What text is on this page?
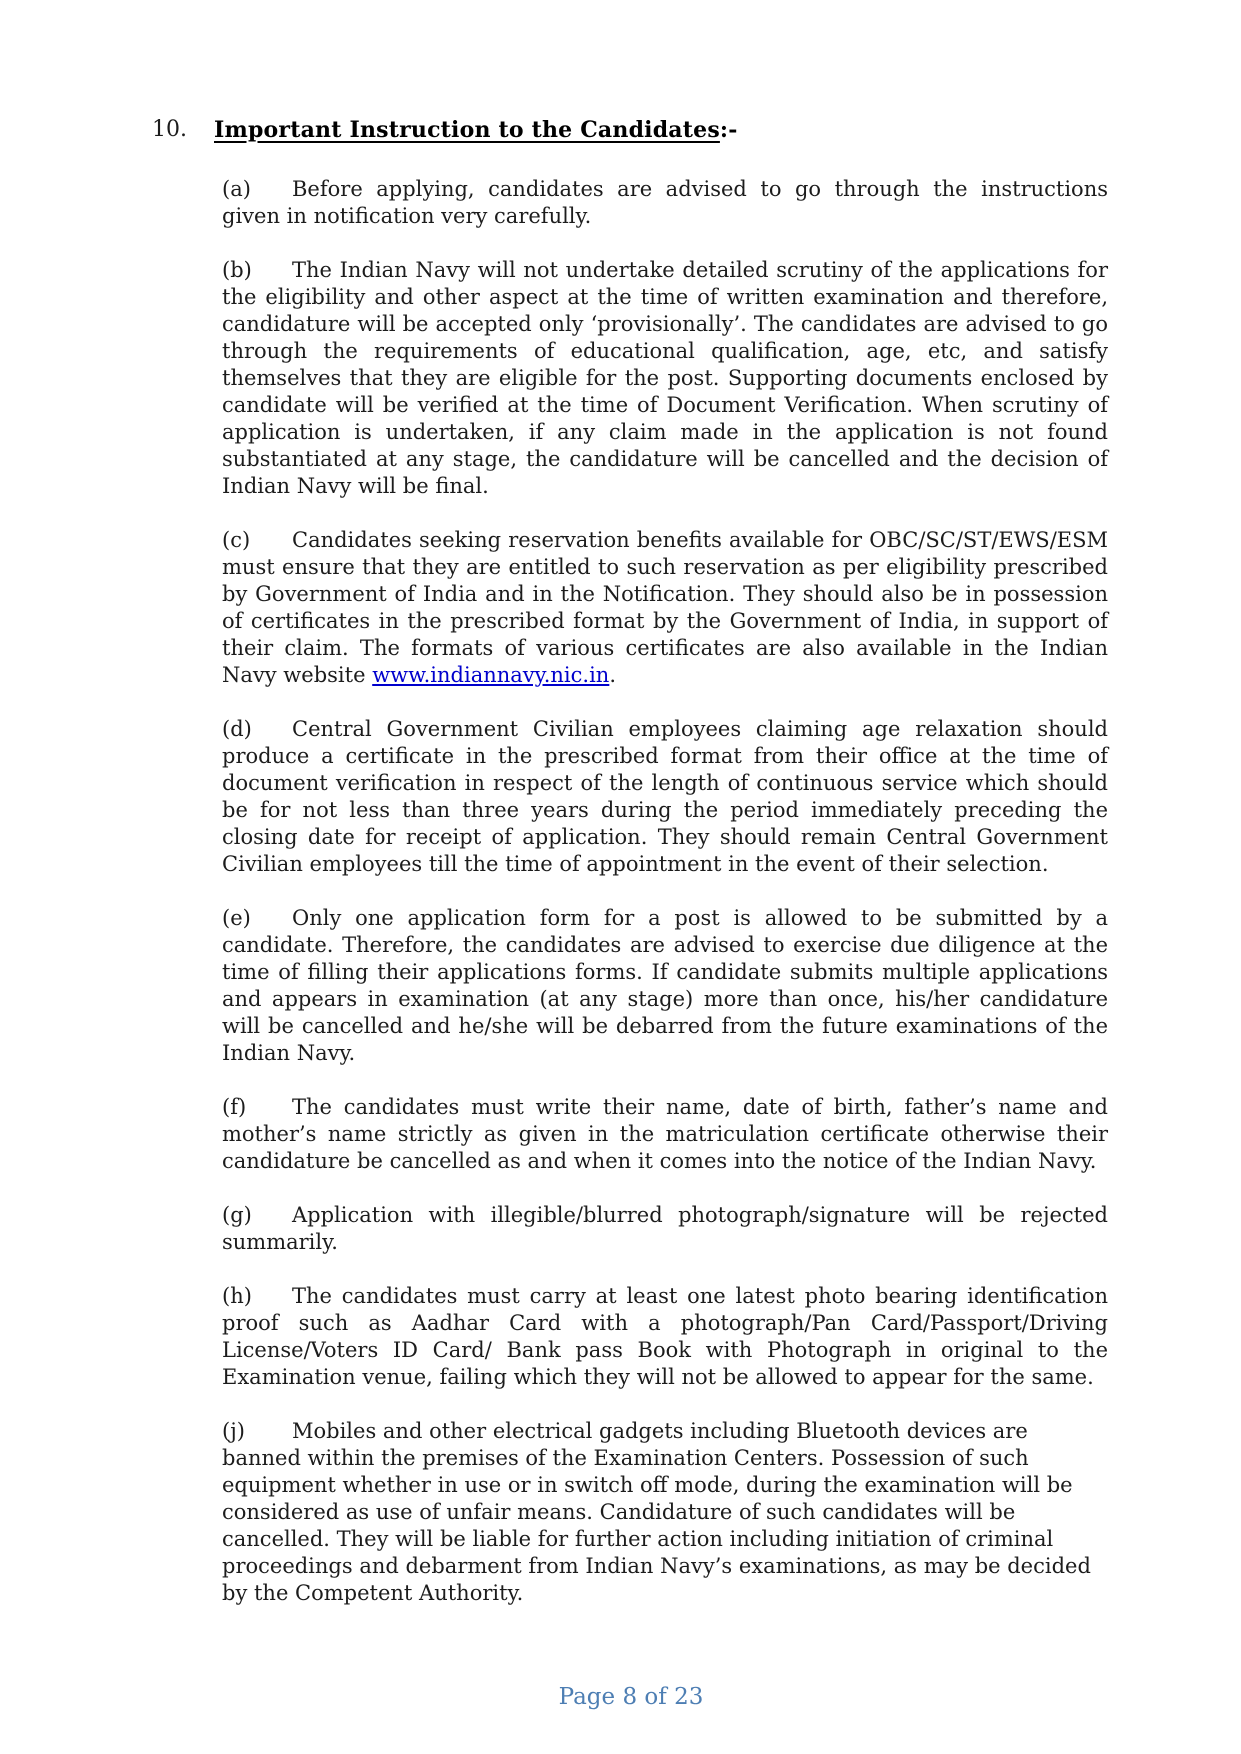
10.	Important Instruction to the Candidates:-

(a) Before applying, candidates are advised to go through the instructions given in notification very carefully.

(b) The Indian Navy will not undertake detailed scrutiny of the applications for the eligibility and other aspect at the time of written examination and therefore, candidature will be accepted only ‘provisionally’. The candidates are advised to go through the requirements of educational qualification, age, etc, and satisfy themselves that they are eligible for the post. Supporting documents enclosed by candidate will be verified at the time of Document Verification. When scrutiny of application is undertaken, if any claim made in the application is not found substantiated at any stage, the candidature will be cancelled and the decision of Indian Navy will be final.

(c) Candidates seeking reservation benefits available for OBC/SC/ST/EWS/ESM must ensure that they are entitled to such reservation as per eligibility prescribed by Government of India and in the Notification. They should also be in possession of certificates in the prescribed format by the Government of India, in support of their claim. The formats of various certificates are also available in the Indian Navy website www.indiannavy.nic.in.

(d) Central Government Civilian employees claiming age relaxation should produce a certificate in the prescribed format from their office at the time of document verification in respect of the length of continuous service which should be for not less than three years during the period immediately preceding the closing date for receipt of application. They should remain Central Government Civilian employees till the time of appointment in the event of their selection.

(e) Only one application form for a post is allowed to be submitted by a candidate. Therefore, the candidates are advised to exercise due diligence at the time of filling their applications forms. If candidate submits multiple applications and appears in examination (at any stage) more than once, his/her candidature will be cancelled and he/she will be debarred from the future examinations of the Indian Navy.

(f) The candidates must write their name, date of birth, father’s name and mother’s name strictly as given in the matriculation certificate otherwise their candidature be cancelled as and when it comes into the notice of the Indian Navy.

(g) Application with illegible/blurred photograph/signature will be rejected summarily.

(h) The candidates must carry at least one latest photo bearing identification proof such as Aadhar Card with a photograph/Pan Card/Passport/Driving License/Voters ID Card/ Bank pass Book with Photograph in original to the Examination venue, failing which they will not be allowed to appear for the same.

(j) Mobiles and other electrical gadgets including Bluetooth devices are banned within the premises of the Examination Centers. Possession of such equipment whether in use or in switch off mode, during the examination will be considered as use of unfair means. Candidature of such candidates will be cancelled. They will be liable for further action including initiation of criminal proceedings and debarment from Indian Navy’s examinations, as may be decided by the Competent Authority.

Page 8 of 23
